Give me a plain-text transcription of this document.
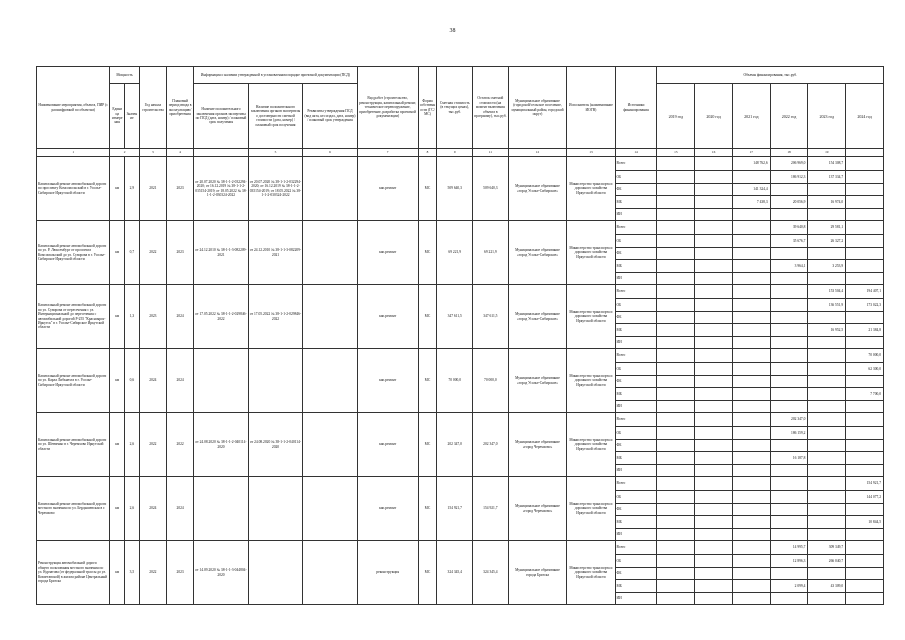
38
Наименование мероприятия, объекта, ПИР (с расшифровкой по объектам)	Мощность		Год начала строительства	Плановый период ввода в эксплуатацию/приобретения	Информация о наличии утвержденной в установленном порядке проектной документации (ПСД)			Вид работ (строительство, реконструкция, капитальный ремонт, техническое перевооружение, приобретение, разработка проектной документации)	Форма собственности (ГС/МС)	Сметная стоимость (в текущих ценах), тыс.руб.	Остаток сметной стоимости (на момент включения объекта в программу), тыс.руб.	Муниципальное образование (городской/сельское поселение, муниципальный район, городской округ)	Исполнитель (наименование ИОГВ)	Источники финансирования	Объемы финансирования, тыс.руб.					
	Единица измерения	Значение			Наличие положительного заключения органов экспертизы по ПСД (дата, номер) / плановый срок получения	Наличие положительного заключения органов экспертизы о достоверности сметной стоимости (дата, номер) / плановый срок получения	Реквизиты утверждения ПСД (вид акта, кто издал, дата, номер) / плановый срок утверждения								2019 год	2020 год	2021 год	2022 год	2023 год	2024 год
1	2		3	4		5	6	7	8	9	11	12	13	14	15	16	17	18	19	
Капитальный ремонт автомобильной дороги по проспекту Комсомольский в г. Усолье-Сибирское Иркутской области	км	2,9	2021	2023	от 20.07.2020 № 38-1-1-2-032294-2020; от 16.12.2019 № 38-1-1-2-035154-2019; от 18.05.2022 № 38-1-1-2-030324-2022	от 20.07.2020 № 38-1-1-2-032294-2020; от 16.12.2019 № 38-1-1-2-035154-2019; от 18.05.2022 № 38-1-1-2-030324-2022		кап.ремонт	МС	509 640,3	509 640,3	Муниципальное образование «город Усолье-Сибирское»	Министерство транспорта и дорожного хозяйства Иркутской области	Всего			148 762,6	206 969,0	154 308,7	
														ОБ				186 912,3	137 334,7	
														ФБ			141 324,4			
														МБ			7 438,3	20 056,9	16 974,0	
														ИИ						
Капитальный ремонт автомобильной дороги по ул. Р. Люксембург от проспекта Комсомольский до ул. Суворова в г. Усолье-Сибирское Иркутской области	км	0,7	2022	2023	от 24.12.2010 № 38-1-1-3-082209-2021	от 24.12.2010 № 38-1-1-3-082209-2021		кап.ремонт	МС	69 221,9	69 221,9	Муниципальное образование «город Усолье-Сибирское»	Министерство транспорта и дорожного хозяйства Иркутской области	Всего				39 640,8	29 581,1	
														ОБ				35 676,7	26 327,2	
														ФБ						
														МБ				3 964,1	3 253,9	
														ИИ						
Капитальный ремонт автомобильной дороги по ул. Суворова от пересечения с ул. Интернациональной до пересечения с автомобильной дорогой Р-255 "Красноярск-Иркутск" в г. Усолье-Сибирское Иркутской области	км	1,3	2023	2024	от 17.05.2022 № 38-1-1-2-029846-2022	от 17.05.2022 № 38-1-1-2-029846-2022		кап.ремонт	МС	347 611,5	347 611,5	Муниципальное образование «город Усолье-Сибирское»	Министерство транспорта и дорожного хозяйства Иркутской области	Всего					153 504,4	194 407,1
														ОБ					136 551,9	173 022,3
														ФБ						
														МБ					16 952,5	21 384,8
														ИИ						
Капитальный ремонт автомобильной дороги по ул. Карла Либкнехта в г. Усолье-Сибирское Иркутской области	км	0,6	2024	2024				кап.ремонт	МС	70 000,0	70 000,0	Муниципальное образование «город Усолье-Сибирское»	Министерство транспорта и дорожного хозяйства Иркутской области	Всего						70 000,0
														ОБ						62 300,0
														ФБ						
														МБ						7 700,0
														ИИ						
Капитальный ремонт автомобильной дороги по ул. Шевченко в г. Черемхово Иркутской области	км	2,6	2022	2022	от 24.08.2020 № 38-1-1-2-040114-2020	от 24.08.2020 № 38-1-1-2-040114-2020		кап.ремонт	МС	202 347,0	202 347,0	Муниципальное образование «город Черемхово»	Министерство транспорта и дорожного хозяйства Иркутской области	Всего				202 347,0		
														ОБ				186 159,2		
														ФБ						
														МБ				16 187,8		
														ИИ						
Капитальный ремонт автомобильной дороги местного значения по ул. Бердышевская в г. Черемхово	км	2,6	2024	2024				кап.ремонт	МС	154 921,7	154 921,7	Муниципальное образование «город Черемхово»	Министерство транспорта и дорожного хозяйства Иркутской области	Всего						154 921,7
														ОБ						144 077,2
														ФБ						
														МБ						10 844,5
														ИИ						
Реконструкция автомобильной дороги общего пользования местного значения по ул. Курчатова (от федеральной трассы до ул. Кокчетавской) в жилом районе Центральный города Братска	км	3,5	2022	2023	от 14.09.2020 № 38-1-1-3-044804-2020			реконструкция	МС	324 345,4	324 345,4	Муниципальное образование города Братска	Министерство транспорта и дорожного хозяйства Иркутской области	Всего				14 995,7	309 349,7	
														ОБ				12 896,3	266 040,7	
														ФБ						
														МБ				2 099,4	43 309,0	
														ИИ						
